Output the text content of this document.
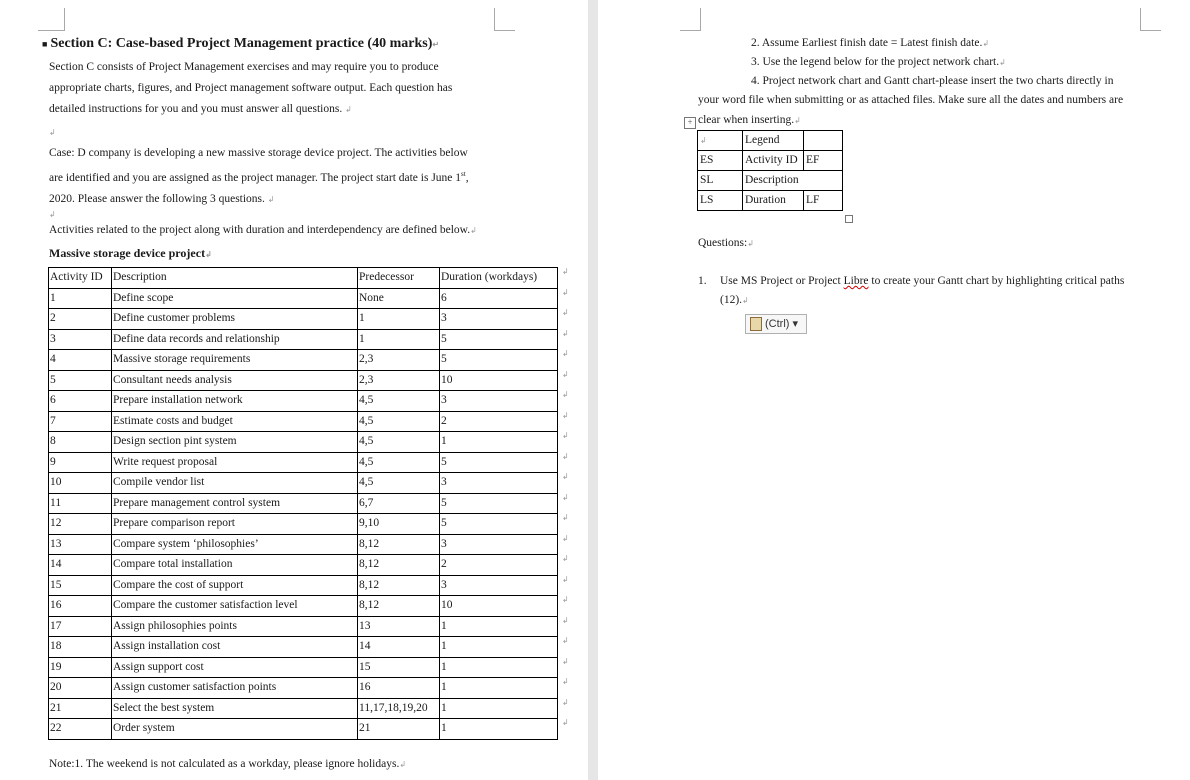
■ Section C: Case-based Project Management practice (40 marks)↵
Section C consists of Project Management exercises and may require you to produce
appropriate charts, figures, and Project management software output. Each question has
detailed instructions for you and you must answer all questions. ↲
↲
Case: D company is developing a new massive storage device project. The activities below
are identified and you are assigned as the project manager. The project start date is June 1st,
2020. Please answer the following 3 questions. ↲
↲
Activities related to the project along with duration and interdependency are defined below.↲
Massive storage device project↲
Activity ID	Description	Predecessor	Duration (workdays)
1	Define scope	None	6
2	Define customer problems	1	3
3	Define data records and relationship	1	5
4	Massive storage requirements	2,3	5
5	Consultant needs analysis	2,3	10
6	Prepare installation network	4,5	3
7	Estimate costs and budget	4,5	2
8	Design section pint system	4,5	1
9	Write request proposal	4,5	5
10	Compile vendor list	4,5	3
11	Prepare management control system	6,7	5
12	Prepare comparison report	9,10	5
13	Compare system ‘philosophies’	8,12	3
14	Compare total installation	8,12	2
15	Compare the cost of support	8,12	3
16	Compare the customer satisfaction level	8,12	10
17	Assign philosophies points	13	1
18	Assign installation cost	14	1
19	Assign support cost	15	1
20	Assign customer satisfaction points	16	1
21	Select the best system	11,17,18,19,20	1
22	Order system	21	1
↲
↲
↲
↲
↲
↲
↲
↲
↲
↲
↲
↲
↲
↲
↲
↲
↲
↲
↲
↲
↲
↲
↲
Note:1. The weekend is not calculated as a workday, please ignore holidays.↲
2. Assume Earliest finish date = Latest finish date.↲
3. Use the legend below for the project network chart.↲
4. Project network chart and Gantt chart-please insert the two charts directly in
your word file when submitting or as attached files. Make sure all the dates and numbers are
clear when inserting.↲
+
↲	Legend	
ES	Activity ID	EF
SL	Description	
LS	Duration	LF
Questions:↲
1. Use MS Project or Project Libre to create your Gantt chart by highlighting critical paths
(12).↲
(Ctrl) ▾
